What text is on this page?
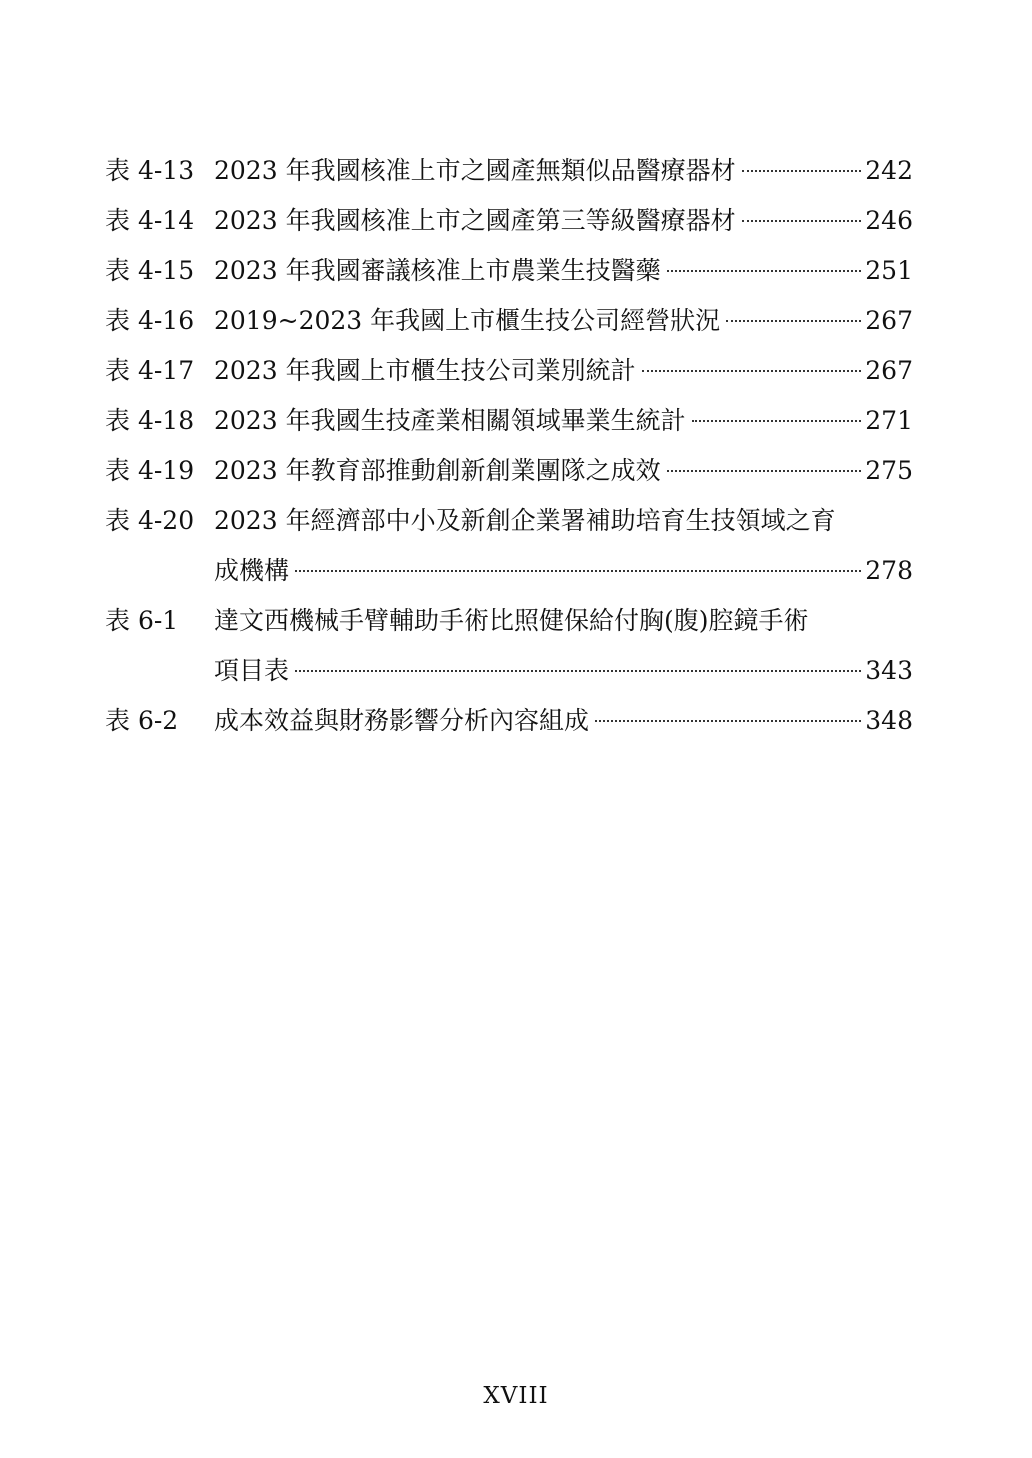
表 4-13 2023 年我國核准上市之國產無類似品醫療器材	242
表 4-14 2023 年我國核准上市之國產第三等級醫療器材	246
表 4-15 2023 年我國審議核准上市農業生技醫藥	251
表 4-16 2019~2023 年我國上市櫃生技公司經營狀況	267
表 4-17 2023 年我國上市櫃生技公司業別統計	267
表 4-18 2023 年我國生技產業相關領域畢業生統計	271
表 4-19 2023 年教育部推動創新創業團隊之成效	275
表 4-20 2023 年經濟部中小及新創企業署補助培育生技領域之育
成機構	278
表 6-1	達文西機械手臂輔助手術比照健保給付胸(腹)腔鏡手術
項目表	343
表 6-2	成本效益與財務影響分析內容組成	348
XVIII
